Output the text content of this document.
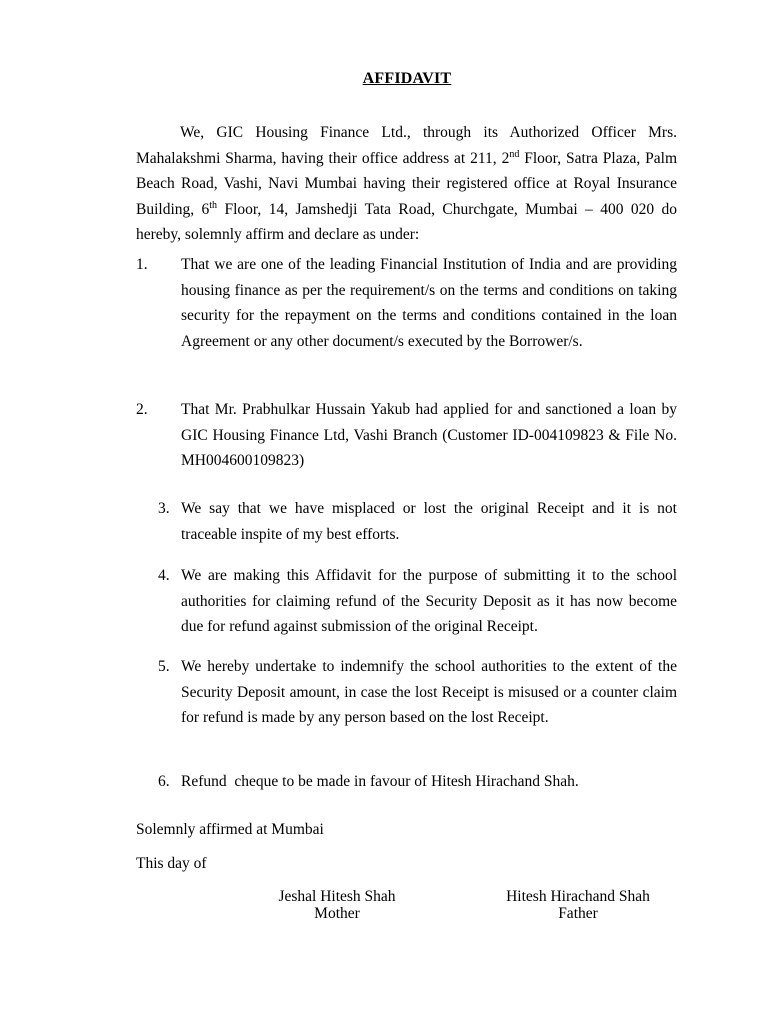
AFFIDAVIT
We, GIC Housing Finance Ltd., through its Authorized Officer Mrs. Mahalakshmi Sharma, having their office address at 211, 2nd Floor, Satra Plaza, Palm Beach Road, Vashi, Navi Mumbai having their registered office at Royal Insurance Building, 6th Floor, 14, Jamshedji Tata Road, Churchgate, Mumbai – 400 020 do hereby, solemnly affirm and declare as under:
1. That we are one of the leading Financial Institution of India and are providing housing finance as per the requirement/s on the terms and conditions on taking security for the repayment on the terms and conditions contained in the loan Agreement or any other document/s executed by the Borrower/s.
2. That Mr. Prabhulkar Hussain Yakub had applied for and sanctioned a loan by GIC Housing Finance Ltd, Vashi Branch (Customer ID-004109823 & File No. MH004600109823)
3. We say that we have misplaced or lost the original Receipt and it is not traceable inspite of my best efforts.
4. We are making this Affidavit for the purpose of submitting it to the school authorities for claiming refund of the Security Deposit as it has now become due for refund against submission of the original Receipt.
5. We hereby undertake to indemnify the school authorities to the extent of the Security Deposit amount, in case the lost Receipt is misused or a counter claim for refund is made by any person based on the lost Receipt.
6. Refund  cheque to be made in favour of Hitesh Hirachand Shah.
Solemnly affirmed at Mumbai
This day of
Jeshal Hitesh Shah
Mother
Hitesh Hirachand Shah
Father
